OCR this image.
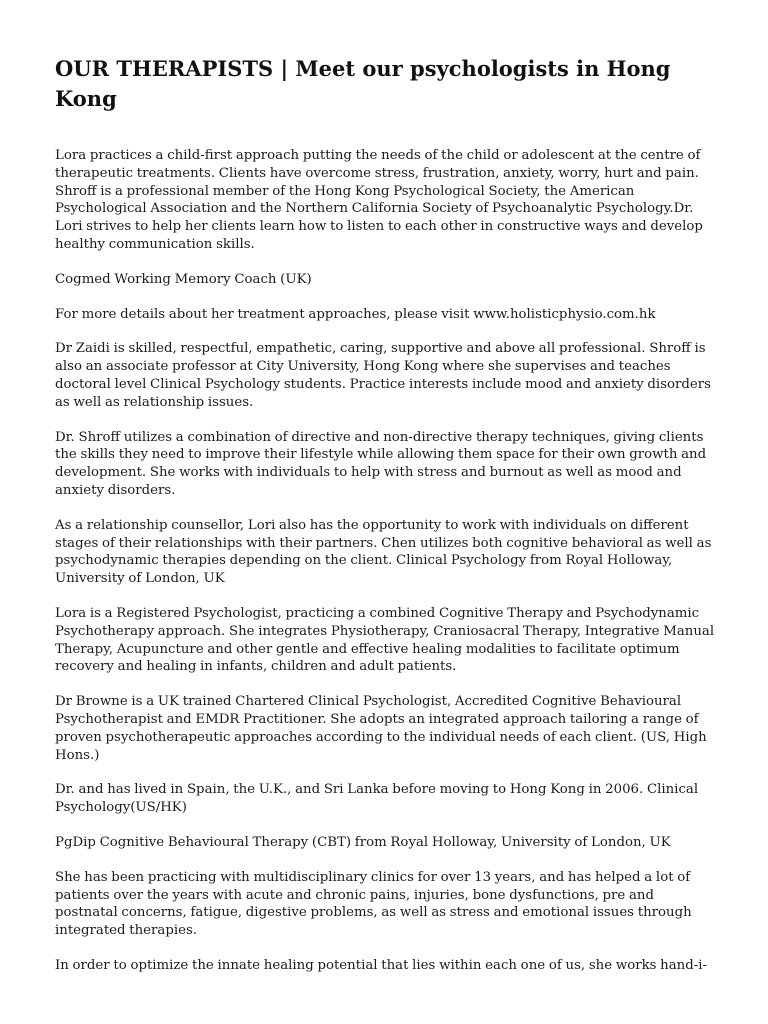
OUR THERAPISTS | Meet our psychologists in Hong Kong

Lora practices a child-first approach putting the needs of the child or adolescent at the centre of therapeutic treatments. Clients have overcome stress, frustration, anxiety, worry, hurt and pain. Shroff is a professional member of the Hong Kong Psychological Society, the American Psychological Association and the Northern California Society of Psychoanalytic Psychology.Dr. Lori strives to help her clients learn how to listen to each other in constructive ways and develop healthy communication skills.

Cogmed Working Memory Coach (UK)

For more details about her treatment approaches, please visit www.holisticphysio.com.hk

Dr Zaidi is skilled, respectful, empathetic, caring, supportive and above all professional. Shroff is also an associate professor at City University, Hong Kong where she supervises and teaches doctoral level Clinical Psychology students. Practice interests include mood and anxiety disorders as well as relationship issues.

Dr. Shroff utilizes a combination of directive and non-directive therapy techniques, giving clients the skills they need to improve their lifestyle while allowing them space for their own growth and development. She works with individuals to help with stress and burnout as well as mood and anxiety disorders.

As a relationship counsellor, Lori also has the opportunity to work with individuals on different stages of their relationships with their partners. Chen utilizes both cognitive behavioral as well as psychodynamic therapies depending on the client. Clinical Psychology from Royal Holloway, University of London, UK

Lora is a Registered Psychologist, practicing a combined Cognitive Therapy and Psychodynamic Psychotherapy approach. She integrates Physiotherapy, Craniosacral Therapy, Integrative Manual Therapy, Acupuncture and other gentle and effective healing modalities to facilitate optimum recovery and healing in infants, children and adult patients.

Dr Browne is a UK trained Chartered Clinical Psychologist, Accredited Cognitive Behavioural Psychotherapist and EMDR Practitioner. She adopts an integrated approach tailoring a range of proven psychotherapeutic approaches according to the individual needs of each client. (US, High Hons.)

Dr. and has lived in Spain, the U.K., and Sri Lanka before moving to Hong Kong in 2006. Clinical Psychology(US/HK)

PgDip Cognitive Behavioural Therapy (CBT) from Royal Holloway, University of London, UK

She has been practicing with multidisciplinary clinics for over 13 years, and has helped a lot of patients over the years with acute and chronic pains, injuries, bone dysfunctions, pre and postnatal concerns, fatigue, digestive problems, as well as stress and emotional issues through integrated therapies.

In order to optimize the innate healing potential that lies within each one of us, she works hand-i-
